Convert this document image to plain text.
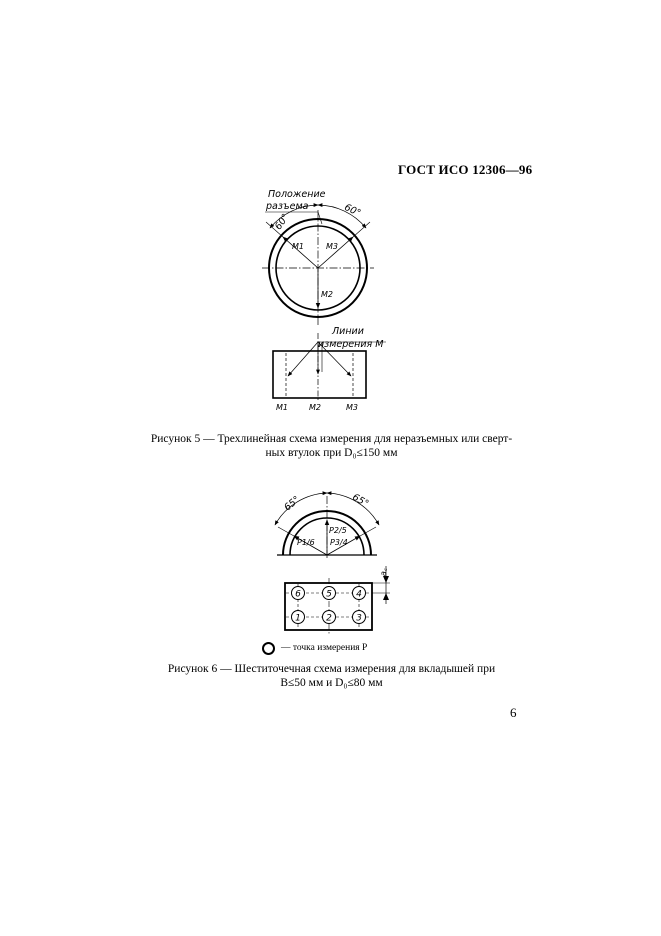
ГОСТ ИСО 12306—96
Положение
разъема
60°
60°
M1	M3
M2
Линии
измерения M
M1	M2	M3
65°	65°
P2/5
P1/6 P3/4
6	5	4
1	2	3
a꜀
Рисунок 5 — Трехлинейная схема измерения для неразъемных или сверт-
ных втулок при D₀≤150 мм
— точка измерения P
Рисунок 6 — Шеститочечная схема измерения для вкладышей при
B≤50 мм и D₀≤80 мм
6
